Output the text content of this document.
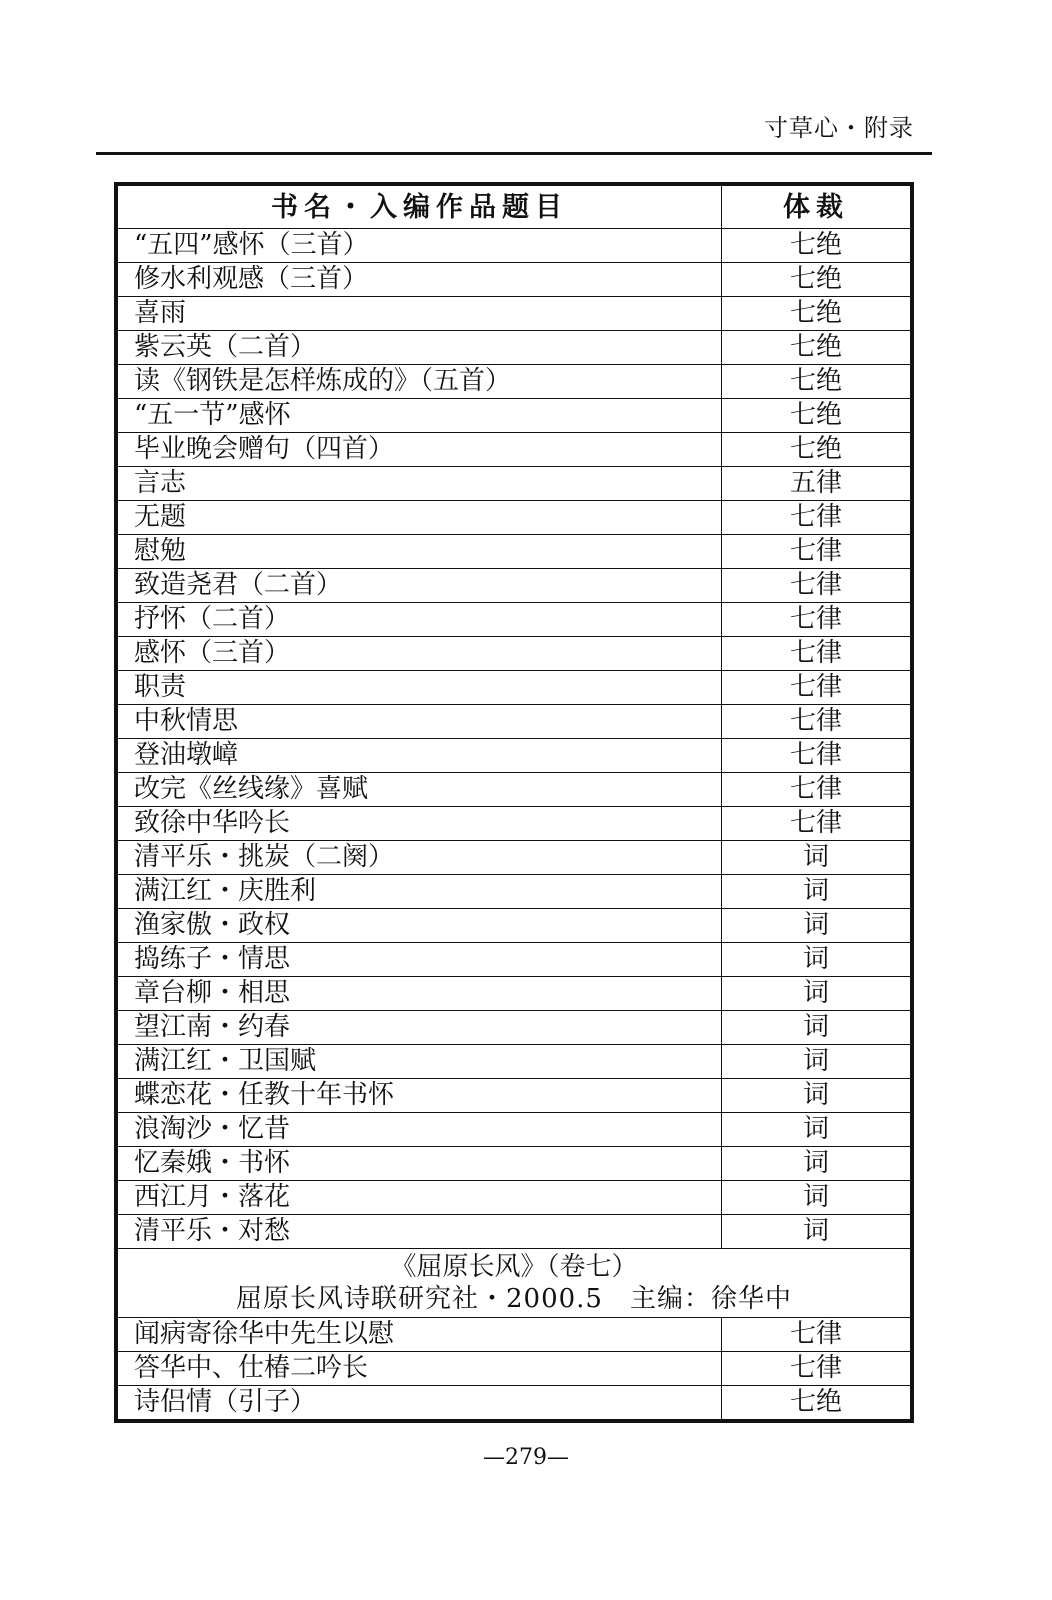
寸草心・附录
书名・入编作品题目	体裁
“五四”感怀（三首）	七绝
修水利观感（三首）	七绝
喜雨	七绝
紫云英（二首）	七绝
读《钢铁是怎样炼成的》（五首）	七绝
“五一节”感怀	七绝
毕业晚会赠句（四首）	七绝
言志	五律
无题	七律
慰勉	七律
致造尧君（二首）	七律
抒怀（二首）	七律
感怀（三首）	七律
职责	七律
中秋情思	七律
登油墩嶂	七律
改完《丝线缘》喜赋	七律
致徐中华吟长	七律
清平乐・挑炭（二阕）	词
满江红・庆胜利	词
渔家傲・政权	词
捣练子・情思	词
章台柳・相思	词
望江南・约春	词
满江红・卫国赋	词
蝶恋花・任教十年书怀	词
浪淘沙・忆昔	词
忆秦娥・书怀	词
西江月・落花	词
清平乐・对愁	词

《屈原长风》（卷七）
屈原长风诗联研究社・2000.5　主编：徐华中	

闻病寄徐华中先生以慰	七律
答华中、仕椿二吟长	七律
诗侣情（引子）	七绝
—279—
